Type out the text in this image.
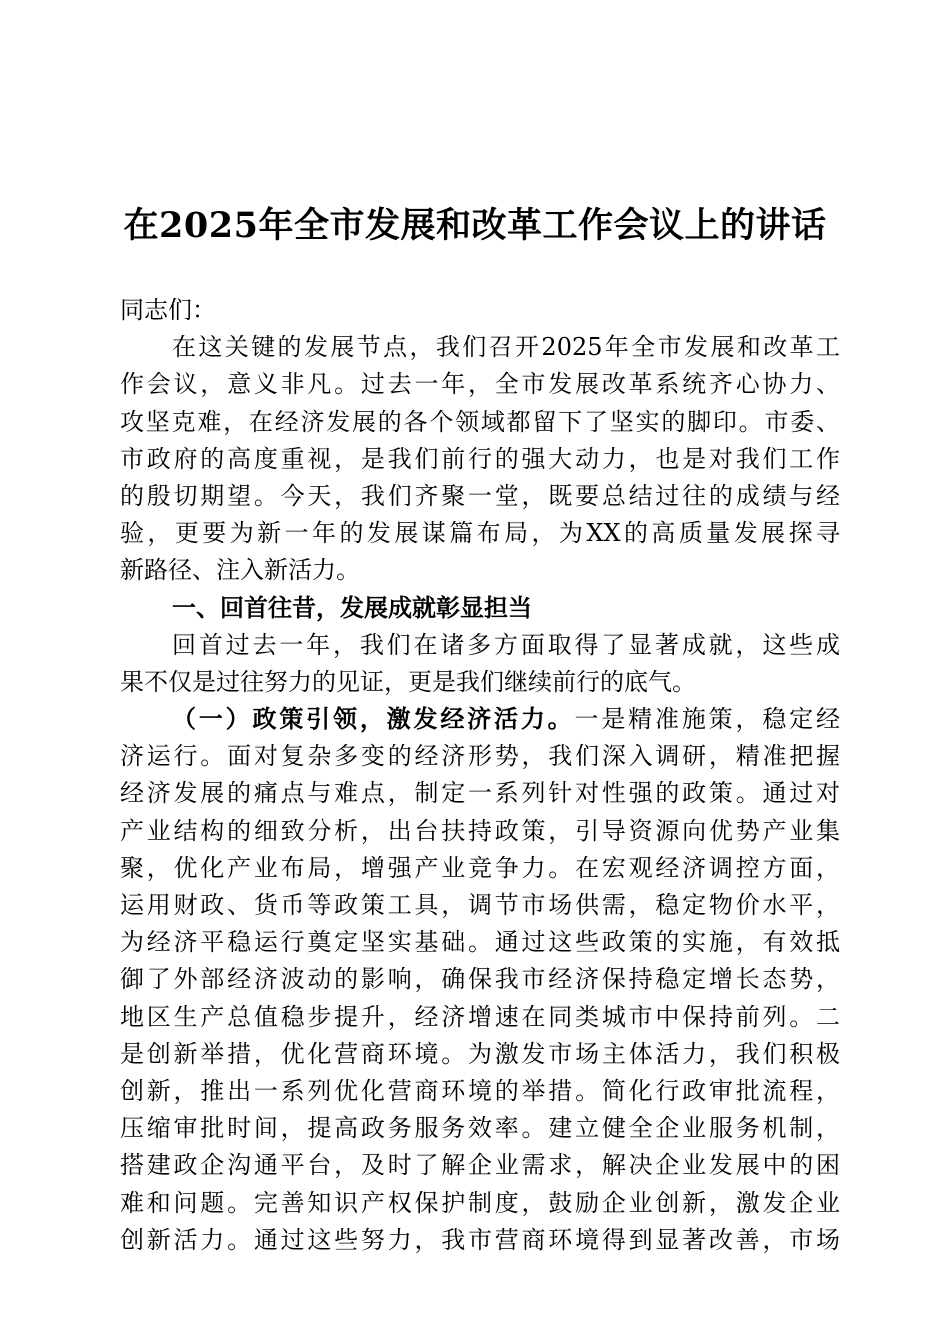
在2025年全市发展和改革工作会议上的讲话
同志们：
在这关键的发展节点，我们召开2025年全市发展和改革工
作会议，意义非凡。过去一年，全市发展改革系统齐心协力、
攻坚克难，在经济发展的各个领域都留下了坚实的脚印。市委、
市政府的高度重视，是我们前行的强大动力，也是对我们工作
的殷切期望。今天，我们齐聚一堂，既要总结过往的成绩与经
验，更要为新一年的发展谋篇布局，为XX的高质量发展探寻
新路径、注入新活力。
一、回首往昔，发展成就彰显担当
回首过去一年，我们在诸多方面取得了显著成就，这些成
果不仅是过往努力的见证，更是我们继续前行的底气。
（一）政策引领，激发经济活力。一是精准施策，稳定经
济运行。面对复杂多变的经济形势，我们深入调研，精准把握
经济发展的痛点与难点，制定一系列针对性强的政策。通过对
产业结构的细致分析，出台扶持政策，引导资源向优势产业集
聚，优化产业布局，增强产业竞争力。在宏观经济调控方面，
运用财政、货币等政策工具，调节市场供需，稳定物价水平，
为经济平稳运行奠定坚实基础。通过这些政策的实施，有效抵
御了外部经济波动的影响，确保我市经济保持稳定增长态势，
地区生产总值稳步提升，经济增速在同类城市中保持前列。二
是创新举措，优化营商环境。为激发市场主体活力，我们积极
创新，推出一系列优化营商环境的举措。简化行政审批流程，
压缩审批时间，提高政务服务效率。建立健全企业服务机制，
搭建政企沟通平台，及时了解企业需求，解决企业发展中的困
难和问题。完善知识产权保护制度，鼓励企业创新，激发企业
创新活力。通过这些努力，我市营商环境得到显著改善，市场
